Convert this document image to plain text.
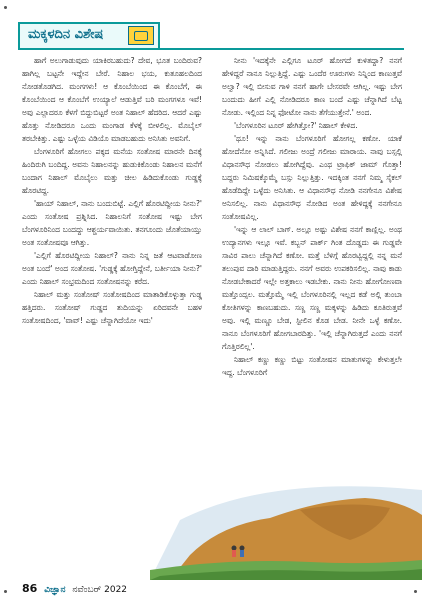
ಮಕ್ಕಳದಿನ ವಿಶೇಷ

ಹಾಗೆ ಅಲುಗಾಡುವುದು ಯಾಕಿರಬಹುದು? ದೇವ, ಭೂತ ಬಂದಿರುವ? ಹಾಗಿಲ್ಲ ಬಟ್ಟನೇ ಇದ್ದೇನ ಬೇರೆ. ನಿಹಾಲ ಭಯ, ಕುತೂಹಲದಿಂದ ನೋಡತೊಡಗಿದ. ಮಂಗಗಳು! ಆ ಕೊಂಬೆಯಿಂದ ಈ ಕೊಂಬೆಗೆ, ಈ ಕೊಂಬೆಯಿಂದ ಆ ಕೊಂಬೆಗೆ ಉಯ್ಯಾಲೆ ಆಡುತ್ತಿವೆ ಬರಿ ಮಂಗಗಳೂ ಇವೆ! ಅವು ಎಲ್ಲಾದರೂ ಕೆಳಗೆ ಬಿದ್ದುಬಿಟ್ಟರೆ ಅಂತ ನಿಹಾಲ್ ಹೆದರಿದ. ಆದರೆ ಎಷ್ಟು ಹೊತ್ತು ನೋಡಿದರೂ ಒಂದು ಮಂಗಾಡ ಕೆಳಕ್ಕೆ ಬೀಳಲಿಲ್ಲ. ಮೊಬೈಲ್ ತರಬೇಕಿತ್ತು. ಎಷ್ಟು ಒಳ್ಳೆಯ ವಿಡಿಯೊ ಮಾಡಬಹುದು ಅನಿಸಿತು ಅವನಿಗೆ.

ಬೆಂಗಳೂರಿಗೆ ಹೋಗಲು ಪಕ್ಕದ ಮನೆಯ ಸಂತೋಷ ಮಾರನೇ ದಿನಕ್ಕೆ ಹಿಂದಿರುಗಿ ಬಂದಿದ್ದ. ಅವನು ನಿಹಾಲನನ್ನು ಹುಡುಕಿಕೊಂಡು ನಿಹಾಲನ ಮನೆಗೆ ಬಂದಾಗ ನಿಹಾಲ್ ಮೊಬೈಲು ಮತ್ತು ಚೀಲ ಹಿಡಿದುಕೊಂಡು ಗುಡ್ಡಕ್ಕೆ ಹೊರಟಿದ್ದ.

'ಹಾಯ್ ನಿಹಾಲ್, ನಾನು ಬಂದುಬಿಟ್ಟೆ. ಎಲ್ಲಿಗೆ ಹೊರಟಿದ್ದೀಯ ನೀನು?' ಎಂದು ಸಂತೋಷ ಪ್ರಶ್ನಿಸಿದ. ನಿಹಾಲನಿಗೆ ಸಂತೋಷ ಇಷ್ಟು ಬೇಗ ಬೆಂಗಳೂರಿನಿಂದ ಬಂದದ್ದು ಆಶ್ಚರ್ಯವಾಯಿತು. ತನಗೂಂದು ಜೊತೆಯಾಯ್ತು ಅಂತ ಸಂತೋಷವೂ ಆಗಿತ್ತು.

'ಎಲ್ಲಿಗೆ ಹೊರಟಿದ್ದೀಯ ನಿಹಾಲ್? ನಾನು ನಿನ್ನ ಜತೆ ಆಟವಾಡೋಣ ಅಂತ ಬಂದೆ' ಅಂದ ಸಂತೋಷ. 'ಗುಡ್ಡಕ್ಕೆ ಹೋಗ್ತಿದ್ದೇನೆ, ಬರ್ತೀಯಾ ನೀನು?' ಎಂದು ನಿಹಾಲ್ ಸಂಭ್ರಮದಿಂದ ಸಂತೋಷನನ್ನು ಕರೆದ.

ನಿಹಾಲ್ ಮತ್ತು ಸಂತೋಷ್ ಸಂತೋಷದಿಂದ ಮಾತಾಡಿಕೊಳ್ಳುತ್ತಾ ಗುಡ್ಡ ಹತ್ತಿದರು. ಸಂತೋಷ್ ಗುಡ್ಡದ ತುದಿಯನ್ನು ಏರಿದವನೇ ಬಹಳ ಸಂತೋಷದಿಂದ, 'ವಾವ್! ಎಷ್ಟು ಚೆನ್ನಾಗಿದೆಯೋ ಇದು'

ನೀನು 'ಇದಕ್ಕೆನೇ ಎಲ್ಲಿಗೂ ಟೂರ್ ಹೋಗದೆ ಕುಳಿತದ್ದಾ? ನನಗೆ ಹೇಳಿದ್ದರೆ ನಾನೂ ನಿಲ್ಲುತ್ತಿದ್ದೆ. ಎಷ್ಟು ಒಂದೆರ ಊರುಗಳು ನಿನ್ನಿಂದ ಕಾಣುತ್ತವೆ ಅಲ್ವಾ? ಇಲ್ಲಿ ಬೀಸುವ ಗಾಳಿ ನನಗೆ ಹಾಗೇ ಬೇಸರವೇ ಆಗಿಲ್ಲ. ಇಷ್ಟು ಬೇಗ ಬಂದುದು ಹೀಗೆ ಎಲ್ಲಿ ನೋಡಿದರೂ ಕಾಣ ಬಂದೆ ಎಷ್ಟು ಚೆನ್ನಾಗಿದೆ ಬೆಟ್ಟ ನೋಡು. ಇಲ್ಲಿಂದ ನಿನ್ನ ಫೋಟೋ ನಾನು ತೆಗೆಯುತ್ತೇನೆ.' ಅಂದ.

'ಬೆಂಗಳೂರಿನ ಟೂರ್ ಹೇಗಿತ್ತೋ?' ನಿಹಾಲ್ ಕೇಳಿದ.

'ಥೂ! ಇನ್ನು ನಾನು ಬೆಂಗಳೂರಿಗೆ ಹೋಗಲ್ಲ ಕಣೋ. ಯಾಕೆ ಹೋದೆನೋ ಅನ್ನಿಸಿದೆ. ಗಲೀಜು ಅಂದ್ರೆ ಗಲೀಜು ಮಾರಾಯ. ನಾವು ಬಸ್ಸಲ್ಲಿ ವಿಧಾನಸೌಧ ನೋಡಲು ಹೋಗಿದ್ದೆವು. ಎಂಥ ಟ್ರಾಫಿಕ್ ಜಾಮ್ ಗೊತ್ತಾ! ಬದ್ದರು ನಿಮಿಷಕ್ಕೊಮ್ಮೆ ಬಸ್ಸು ನಿಲ್ಲುತ್ತಿತ್ತು. ಇದಕ್ಕಿಂತ ನನಗೆ ನಿಮ್ಮ ಸೈಕಲ್ ಹೊಡೆದಿದ್ದೇ ಒಳ್ಳೆದು ಅನಿಸಿತು. ಆ ವಿಧಾನಸೌಧ ನೋಡಿ ನನಗೇನೂ ವಿಶೇಷ ಅನಿಸಲಿಲ್ಲ. ನಾನು ವಿಧಾನಸೌಧ ನೋಡಿದ ಅಂತ ಹೇಳಿದ್ದಕ್ಕೆ ನನಗೇನೂ ಸಂತೋಷವಿಲ್ಲ.

'ಇನ್ನು ಆ ಲಾಲ್ ಬಾಗ್. ಅಲ್ಲೂ ಅಷ್ಟು ವಿಶೇಷ ನನಗೆ ಕಾಣ್ಲಿಲ್ಲ. ಅಂಥ ಉದ್ಯಾನಗಳು ಇಲ್ಲೂ ಇವೆ. ಕಬ್ಬನ್ ಪಾರ್ಕ್ ಗಿಂತ ದೊಡ್ಡದು ಈ ಗುಡ್ಡವೇ ಸಾವಿರ ಪಾಲು ಚೆನ್ನಾಗಿದೆ ಕಣೋ. ಮತ್ತೆ ಬೆಳಿಗ್ಗೆ ಹೊರಟ್ವಿದ್ದಲ್ಲಿ ನನ್ನ ಮನೆ ತಲುಪುವ ದಾರಿ ಮಾಡುತ್ತಿದ್ದರು. ನನಗೆ ಅವರು ಉಪಕರಿಸಲಿಲ್ಲ. ನಾವು ಕಾಡು ನೋಡಬೇಕಾದರೆ ಇಲ್ಲೇ ಅತ್ತಕಾಲು ಇಡಬೇಕು. ನಾನು ನೀನು ಹೋಗೋಣವಾ ಮತ್ತೊಂದ್ಸಲ. ಮತ್ತೊಮ್ಮೆ ಇಲ್ಲಿ ಬೆಂಗಳೂರಿನಲ್ಲಿ ಇಲ್ಲದ ಕಡೆ ಅಲ್ಲಿ ತುಂಬಾ ಕೋತಿಗಳನ್ನು ಕಾಣಬಹುದು. ಸಣ್ಣ ಸಣ್ಣ ಮಕ್ಕಳನ್ನು ಹಿಡಿದು ಕೂತಿರುತ್ತವೆ ಅವು. ಇಲ್ಲಿ ಮಣ್ಣೂ ಬೇಡ, ಸ್ಟೀಲಿನ ಕೊಡ ಬೇಡ. ನೀನೇ ಒಳ್ಳೆ ಕಣೋ. ನಾನೂ ಬೆಂಗಳೂರಿಗೆ ಹೋಗಬಾರದಿತ್ತು. 'ಇಲ್ಲಿ ಚೆನ್ನಾಗಿರುತ್ತದೆ ಎಂದು ನನಗೆ ಗೊತ್ತಿರಲಿಲ್ಲ'.

ನಿಹಾಲ್ ಕಣ್ಣು ಕಣ್ಣು ಬಿಟ್ಟು ಸಂತೋಷನ ಮಾತುಗಳನ್ನು ಕೇಳುತ್ತಲೇ ಇದ್ದ. ಬೆಂಗಳೂರಿಗೆ

86 ವಿಜ್ಞಾನ ನವೆಂಬರ್ 2022
